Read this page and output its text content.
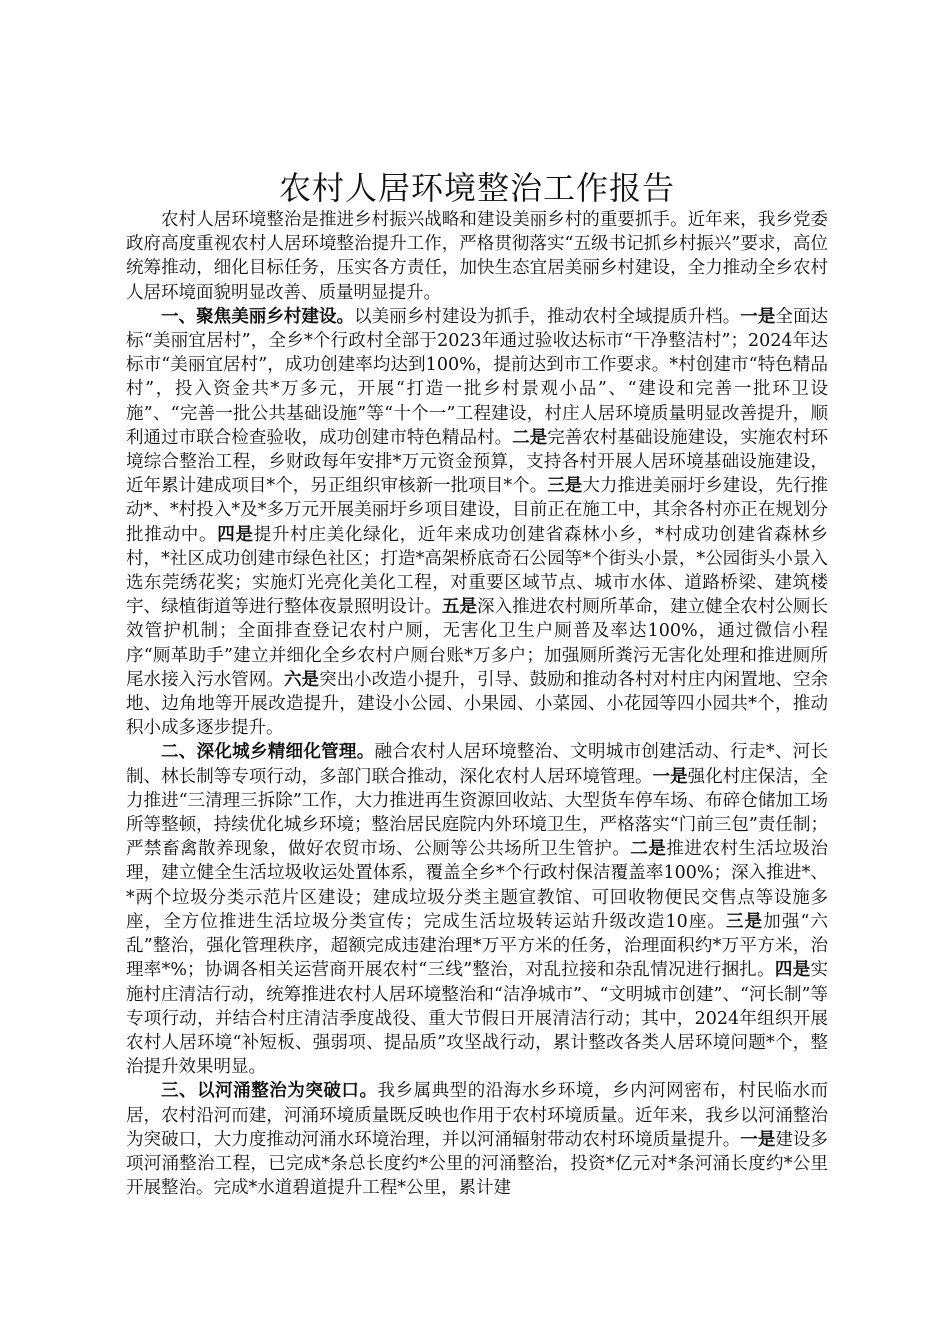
农村人居环境整治工作报告

农村人居环境整治是推进乡村振兴战略和建设美丽乡村的重要抓手。近年来，我乡党委政府高度重视农村人居环境整治提升工作，严格贯彻落实“五级书记抓乡村振兴”要求，高位统筹推动，细化目标任务，压实各方责任，加快生态宜居美丽乡村建设，全力推动全乡农村人居环境面貌明显改善、质量明显提升。

一、聚焦美丽乡村建设。以美丽乡村建设为抓手，推动农村全域提质升档。一是全面达标“美丽宜居村”，全乡*个行政村全部于2023年通过验收达标市“干净整洁村”；2024年达标市“美丽宜居村”，成功创建率均达到100%，提前达到市工作要求。*村创建市“特色精品村”，投入资金共*万多元，开展“打造一批乡村景观小品”、“建设和完善一批环卫设施”、“完善一批公共基础设施”等“十个一”工程建设，村庄人居环境质量明显改善提升，顺利通过市联合检查验收，成功创建市特色精品村。二是完善农村基础设施建设，实施农村环境综合整治工程，乡财政每年安排*万元资金预算，支持各村开展人居环境基础设施建设，近年累计建成项目*个，另正组织审核新一批项目*个。三是大力推进美丽圩乡建设，先行推动*、*村投入*及*多万元开展美丽圩乡项目建设，目前正在施工中，其余各村亦正在规划分批推动中。四是提升村庄美化绿化，近年来成功创建省森林小乡，*村成功创建省森林乡村，*社区成功创建市绿色社区；打造*高架桥底奇石公园等*个街头小景，*公园街头小景入选东莞绣花奖；实施灯光亮化美化工程，对重要区域节点、城市水体、道路桥梁、建筑楼宇、绿植街道等进行整体夜景照明设计。五是深入推进农村厕所革命，建立健全农村公厕长效管护机制；全面排查登记农村户厕，无害化卫生户厕普及率达100%，通过微信小程序“厕革助手”建立并细化全乡农村户厕台账*万多户；加强厕所粪污无害化处理和推进厕所尾水接入污水管网。六是突出小改造小提升，引导、鼓励和推动各村对村庄内闲置地、空余地、边角地等开展改造提升，建设小公园、小果园、小菜园、小花园等四小园共*个，推动积小成多逐步提升。

二、深化城乡精细化管理。融合农村人居环境整治、文明城市创建活动、行走*、河长制、林长制等专项行动，多部门联合推动，深化农村人居环境管理。一是强化村庄保洁，全力推进“三清理三拆除”工作，大力推进再生资源回收站、大型货车停车场、布碎仓储加工场所等整顿，持续优化城乡环境；整治居民庭院内外环境卫生，严格落实“门前三包”责任制；严禁畜禽散养现象，做好农贸市场、公厕等公共场所卫生管护。二是推进农村生活垃圾治理，建立健全生活垃圾收运处置体系，覆盖全乡*个行政村保洁覆盖率100%；深入推进*、*两个垃圾分类示范片区建设；建成垃圾分类主题宣教馆、可回收物便民交售点等设施多座，全方位推进生活垃圾分类宣传；完成生活垃圾转运站升级改造10座。三是加强“六乱”整治，强化管理秩序，超额完成违建治理*万平方米的任务，治理面积约*万平方米，治理率*%；协调各相关运营商开展农村“三线”整治，对乱拉接和杂乱情况进行捆扎。四是实施村庄清洁行动，统筹推进农村人居环境整治和“洁净城市”、“文明城市创建”、“河长制”等专项行动，并结合村庄清洁季度战役、重大节假日开展清洁行动；其中，2024年组织开展农村人居环境“补短板、强弱项、提品质”攻坚战行动，累计整改各类人居环境问题*个，整治提升效果明显。

三、以河涌整治为突破口。我乡属典型的沿海水乡环境，乡内河网密布，村民临水而居，农村沿河而建，河涌环境质量既反映也作用于农村环境质量。近年来，我乡以河涌整治为突破口，大力度推动河涌水环境治理，并以河涌辐射带动农村环境质量提升。一是建设多项河涌整治工程，已完成*条总长度约*公里的河涌整治，投资*亿元对*条河涌长度约*公里开展整治。完成*水道碧道提升工程*公里，累计建
